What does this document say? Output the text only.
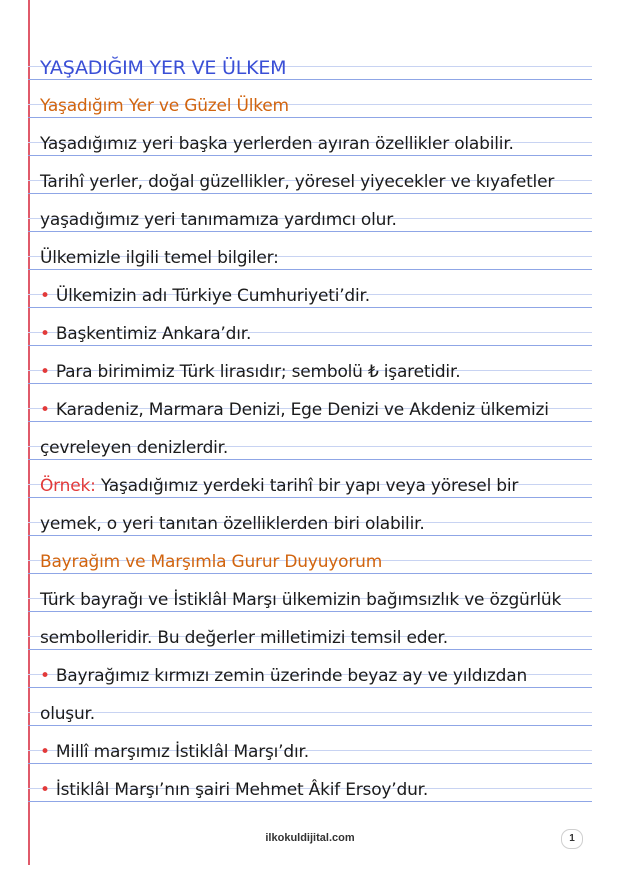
YAŞADIĞIM YER VE ÜLKEM
Yaşadığım Yer ve Güzel Ülkem
Yaşadığımız yeri başka yerlerden ayıran özellikler olabilir.
Tarihî yerler, doğal güzellikler, yöresel yiyecekler ve kıyafetler
yaşadığımız yeri tanımamıza yardımcı olur.
Ülkemizle ilgili temel bilgiler:
• Ülkemizin adı Türkiye Cumhuriyeti’dir.
• Başkentimiz Ankara’dır.
• Para birimimiz Türk lirasıdır; sembolü ₺ işaretidir.
• Karadeniz, Marmara Denizi, Ege Denizi ve Akdeniz ülkemizi
çevreleyen denizlerdir.
Örnek: Yaşadığımız yerdeki tarihî bir yapı veya yöresel bir
yemek, o yeri tanıtan özelliklerden biri olabilir.
Bayrağım ve Marşımla Gurur Duyuyorum
Türk bayrağı ve İstiklâl Marşı ülkemizin bağımsızlık ve özgürlük
sembolleridir. Bu değerler milletimizi temsil eder.
• Bayrağımız kırmızı zemin üzerinde beyaz ay ve yıldızdan
oluşur.
• Millî marşımız İstiklâl Marşı’dır.
• İstiklâl Marşı’nın şairi Mehmet Âkif Ersoy’dur.
ilkokuldijital.com	1
